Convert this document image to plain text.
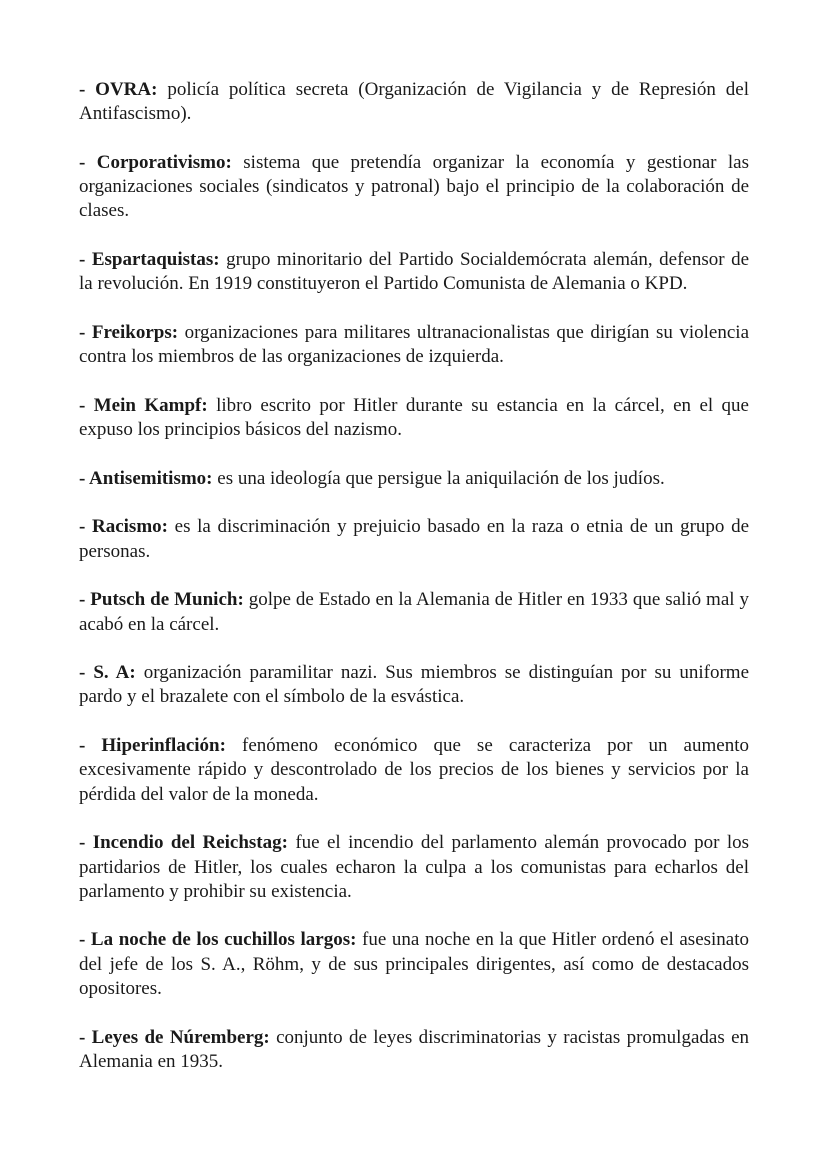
- OVRA: policía política secreta (Organización de Vigilancia y de Represión del Antifascismo).

- Corporativismo: sistema que pretendía organizar la economía y gestionar las organizaciones sociales (sindicatos y patronal) bajo el principio de la colaboración de clases.

- Espartaquistas: grupo minoritario del Partido Socialdemócrata alemán, defensor de la revolución. En 1919 constituyeron el Partido Comunista de Alemania o KPD.

- Freikorps: organizaciones para militares ultranacionalistas que dirigían su violencia contra los miembros de las organizaciones de izquierda.

- Mein Kampf: libro escrito por Hitler durante su estancia en la cárcel, en el que expuso los principios básicos del nazismo.

- Antisemitismo: es una ideología que persigue la aniquilación de los judíos.

- Racismo: es la discriminación y prejuicio basado en la raza o etnia de un grupo de personas.

- Putsch de Munich: golpe de Estado en la Alemania de Hitler en 1933 que salió mal y acabó en la cárcel.

- S. A: organización paramilitar nazi. Sus miembros se distinguían por su uniforme pardo y el brazalete con el símbolo de la esvástica.

- Hiperinflación: fenómeno económico que se caracteriza por un aumento excesivamente rápido y descontrolado de los precios de los bienes y servicios por la pérdida del valor de la moneda.

- Incendio del Reichstag: fue el incendio del parlamento alemán provocado por los partidarios de Hitler, los cuales echaron la culpa a los comunistas para echarlos del parlamento y prohibir su existencia.

- La noche de los cuchillos largos: fue una noche en la que Hitler ordenó el asesinato del jefe de los S. A., Röhm, y de sus principales dirigentes, así como de destacados opositores.

- Leyes de Núremberg: conjunto de leyes discriminatorias y racistas promulgadas en Alemania en 1935.
